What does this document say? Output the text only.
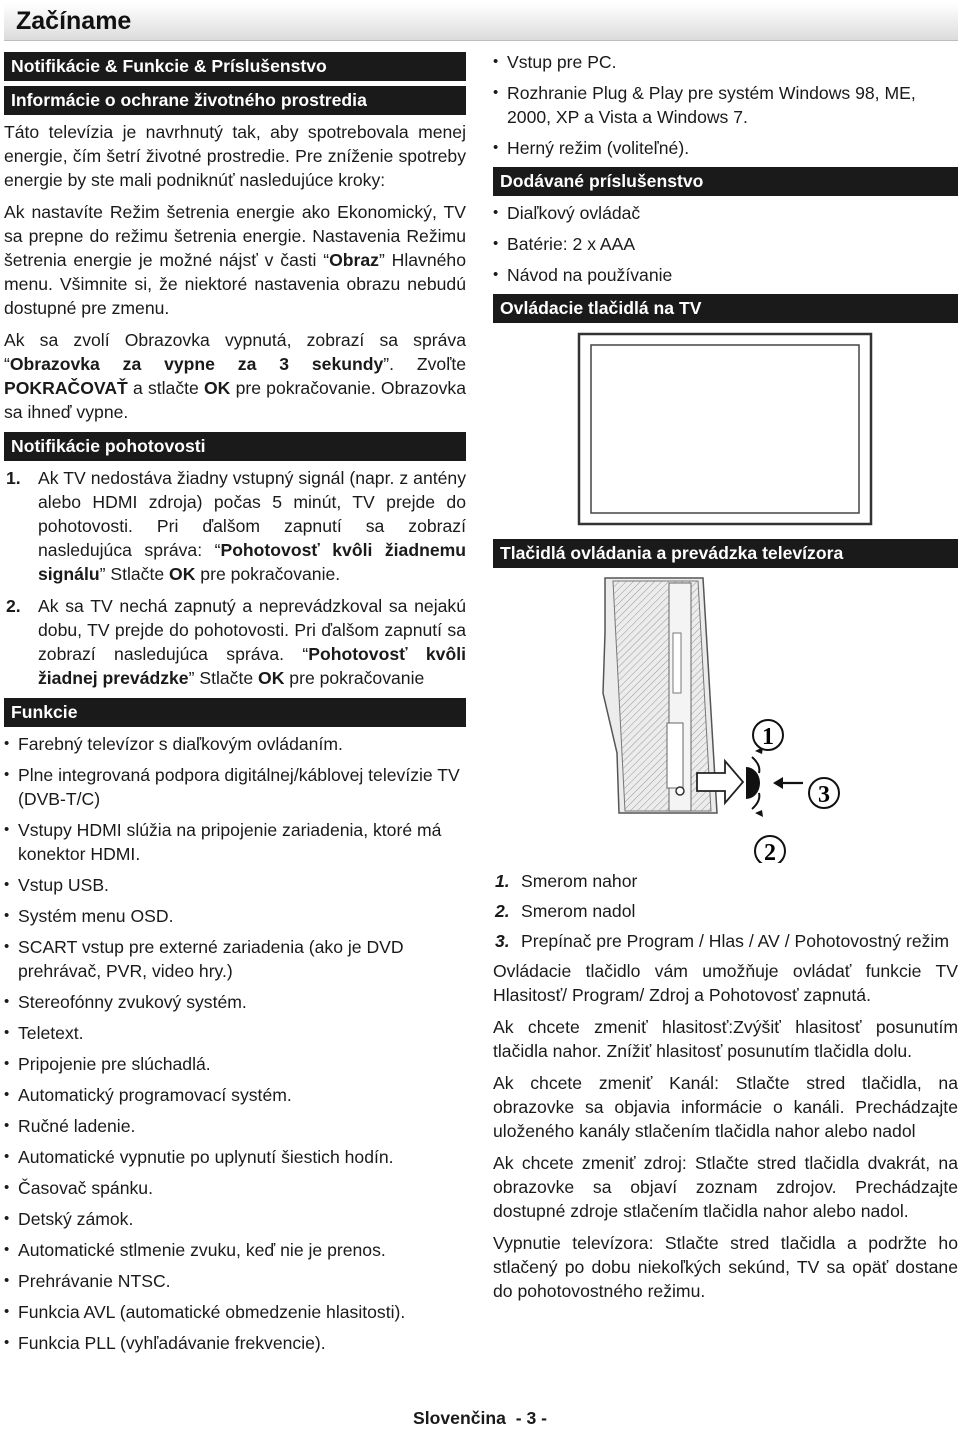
Začíname
Notifikácie & Funkcie & Príslušenstvo
Informácie o ochrane životného prostredia

Táto televízia je navrhnutý tak, aby spotrebovala menej energie, čím šetrí životné prostredie. Pre zníženie spotreby energie by ste mali podniknúť nasledujúce kroky:

Ak nastavíte Režim šetrenia energie ako Ekonomický, TV sa prepne do režimu šetrenia energie. Nastavenia Režimu šetrenia energie je možné nájsť v časti “Obraz” Hlavného menu. Všimnite si, že niektoré nastavenia obrazu nebudú dostupné pre zmenu.

Ak sa zvolí Obrazovka vypnutá, zobrazí sa správa “Obrazovka za vypne za 3 sekundy”. Zvoľte POKRAČOVAŤ a stlačte OK pre pokračovanie. Obrazovka sa ihneď vypne.

Notifikácie pohotovosti
1. Ak TV nedostáva žiadny vstupný signál (napr. z antény alebo HDMI zdroja) počas 5 minút, TV prejde do pohotovosti. Pri ďalšom zapnutí sa zobrazí nasledujúca správa: “Pohotovosť kvôli žiadnemu signálu” Stlačte OK pre pokračovanie.
2. Ak sa TV nechá zapnutý a neprevádzkoval sa nejakú dobu, TV prejde do pohotovosti. Pri ďalšom zapnutí sa zobrazí nasledujúca správa. “Pohotovosť kvôli žiadnej prevádzke” Stlačte OK pre pokračovanie
Funkcie
• Farebný televízor s diaľkovým ovládaním.
• Plne integrovaná podpora digitálnej/káblovej televízie TV (DVB-T/C)
• Vstupy HDMI slúžia na pripojenie zariadenia, ktoré má konektor HDMI.
• Vstup USB.
• Systém menu OSD.
• SCART vstup pre externé zariadenia (ako je DVD prehrávač, PVR, video hry.)
• Stereofónny zvukový systém.
• Teletext.
• Pripojenie pre slúchadlá.
• Automatický programovací systém.
• Ručné ladenie.
• Automatické vypnutie po uplynutí šiestich hodín.
• Časovač spánku.
• Detský zámok.
• Automatické stlmenie zvuku, keď nie je prenos.
• Prehrávanie NTSC.
• Funkcia AVL (automatické obmedzenie hlasitosti).
• Funkcia PLL (vyhľadávanie frekvencie).
• Vstup pre PC.
• Rozhranie Plug & Play pre systém Windows 98, ME, 2000, XP a Vista a Windows 7.
• Herný režim (voliteľné).
Dodávané príslušenstvo
• Diaľkový ovládač
• Batérie: 2 x AAA
• Návod na používanie
Ovládacie tlačidlá na TV
Tlačidlá ovládania a prevádzka televízora
1
3
2
1. Smerom nahor
2. Smerom nadol
3. Prepínač pre Program / Hlas / AV / Pohotovostný režim

Ovládacie tlačidlo vám umožňuje ovládať funkcie TV Hlasitosť/ Program/ Zdroj a Pohotovosť zapnutá.

Ak chcete zmeniť hlasitosť:Zvýšiť hlasitosť posunutím tlačidla nahor. Znížiť hlasitosť posunutím tlačidla dolu.

Ak chcete zmeniť Kanál: Stlačte stred tlačidla, na obrazovke sa objavia informácie o kanáli. Prechádzajte uloženého kanály stlačením tlačidla nahor alebo nadol

Ak chcete zmeniť zdroj: Stlačte stred tlačidla dvakrát, na obrazovke sa objaví zoznam zdrojov. Prechádzajte dostupné zdroje stlačením tlačidla nahor alebo nadol.

Vypnutie televízora: Stlačte stred tlačidla a podržte ho stlačený po dobu niekoľkých sekúnd, TV sa opäť dostane do pohotovostného režimu.

Slovenčina - 3 -
